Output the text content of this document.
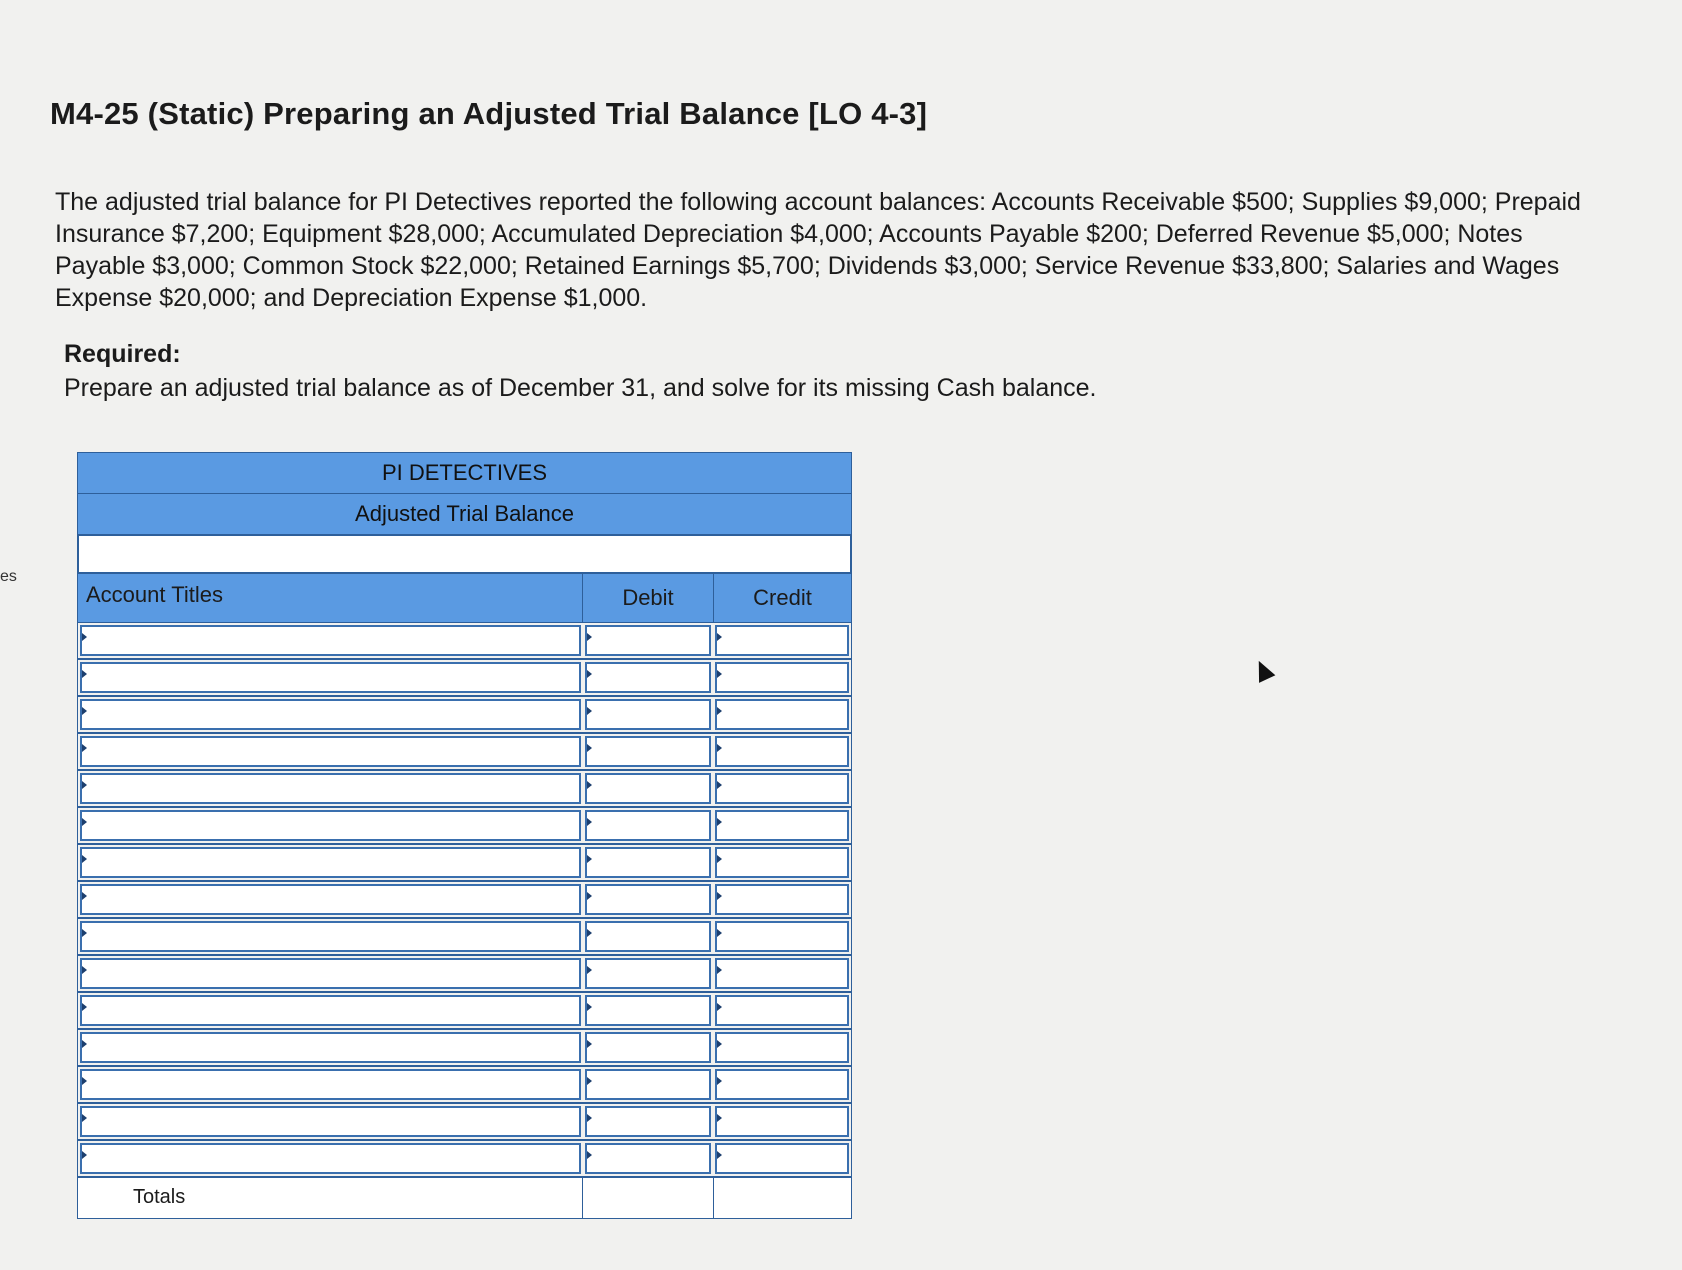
es
M4-25 (Static) Preparing an Adjusted Trial Balance [LO 4-3]

The adjusted trial balance for PI Detectives reported the following account balances: Accounts Receivable $500; Supplies $9,000; Prepaid Insurance $7,200; Equipment $28,000; Accumulated Depreciation $4,000; Accounts Payable $200; Deferred Revenue $5,000; Notes Payable $3,000; Common Stock $22,000; Retained Earnings $5,700; Dividends $3,000; Service Revenue $33,800; Salaries and Wages Expense $20,000; and Depreciation Expense $1,000.

Required:
Prepare an adjusted trial balance as of December 31, and solve for its missing Cash balance.
PI DETECTIVES
Adjusted Trial Balance
Account Titles	Debit	Credit
Totals
